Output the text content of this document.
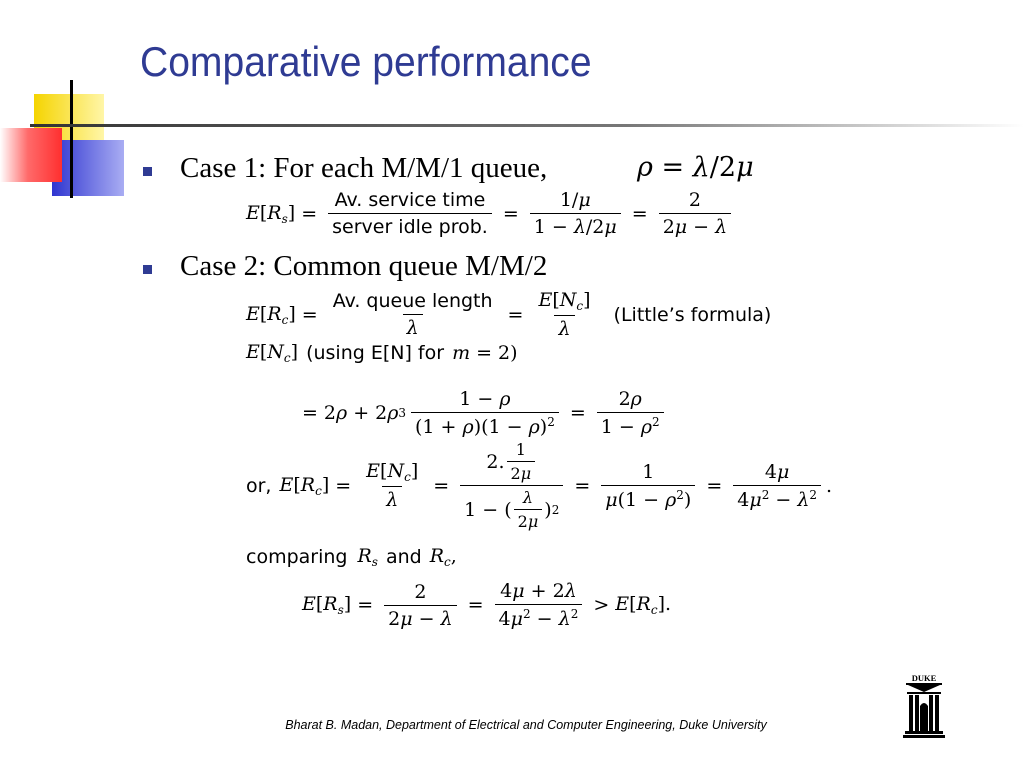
Comparative performance
Case 1: For each M/M/1 queue,	ρ = λ/2μ
$E[R_s] = \frac{\text{Av. service time}}{\text{server idle prob.}} = \frac{1/\mu}{1 - \lambda/2\mu} = \frac{2}{2\mu - \lambda}$
Case 2: Common queue M/M/2
$E[R_c] = \frac{\text{Av. queue length}}{\lambda} = \frac{E[N_c]}{\lambda}$ (Little’s formula)
$E[N_c]$ (using E[N] for m = 2)
= 2 ρ + 2 ρ $3 \frac{1 - \rho}{(1 + \rho)(1 - \rho)^2} = \frac{2\rho}{1 - \rho^2}$
or, $E[R_c] = \frac{E[N_c]}{\lambda} = \frac{2. \frac{1}{2\mu}}{1 - ( \frac{\lambda}{2\mu} ) 2} = \frac{1}{\mu(1 - \rho^2)} = \frac{4\mu}{4\mu^2 - \lambda^2}$ .
comparing $R_s$ and $R_c$,
$E[R_s] = \frac{2}{2\mu - \lambda} = \frac{4\mu + 2\lambda}{4\mu^2 - \lambda^2} > E[R_c]$.
Bharat B. Madan, Department of Electrical and Computer Engineering, Duke University
DUKE
